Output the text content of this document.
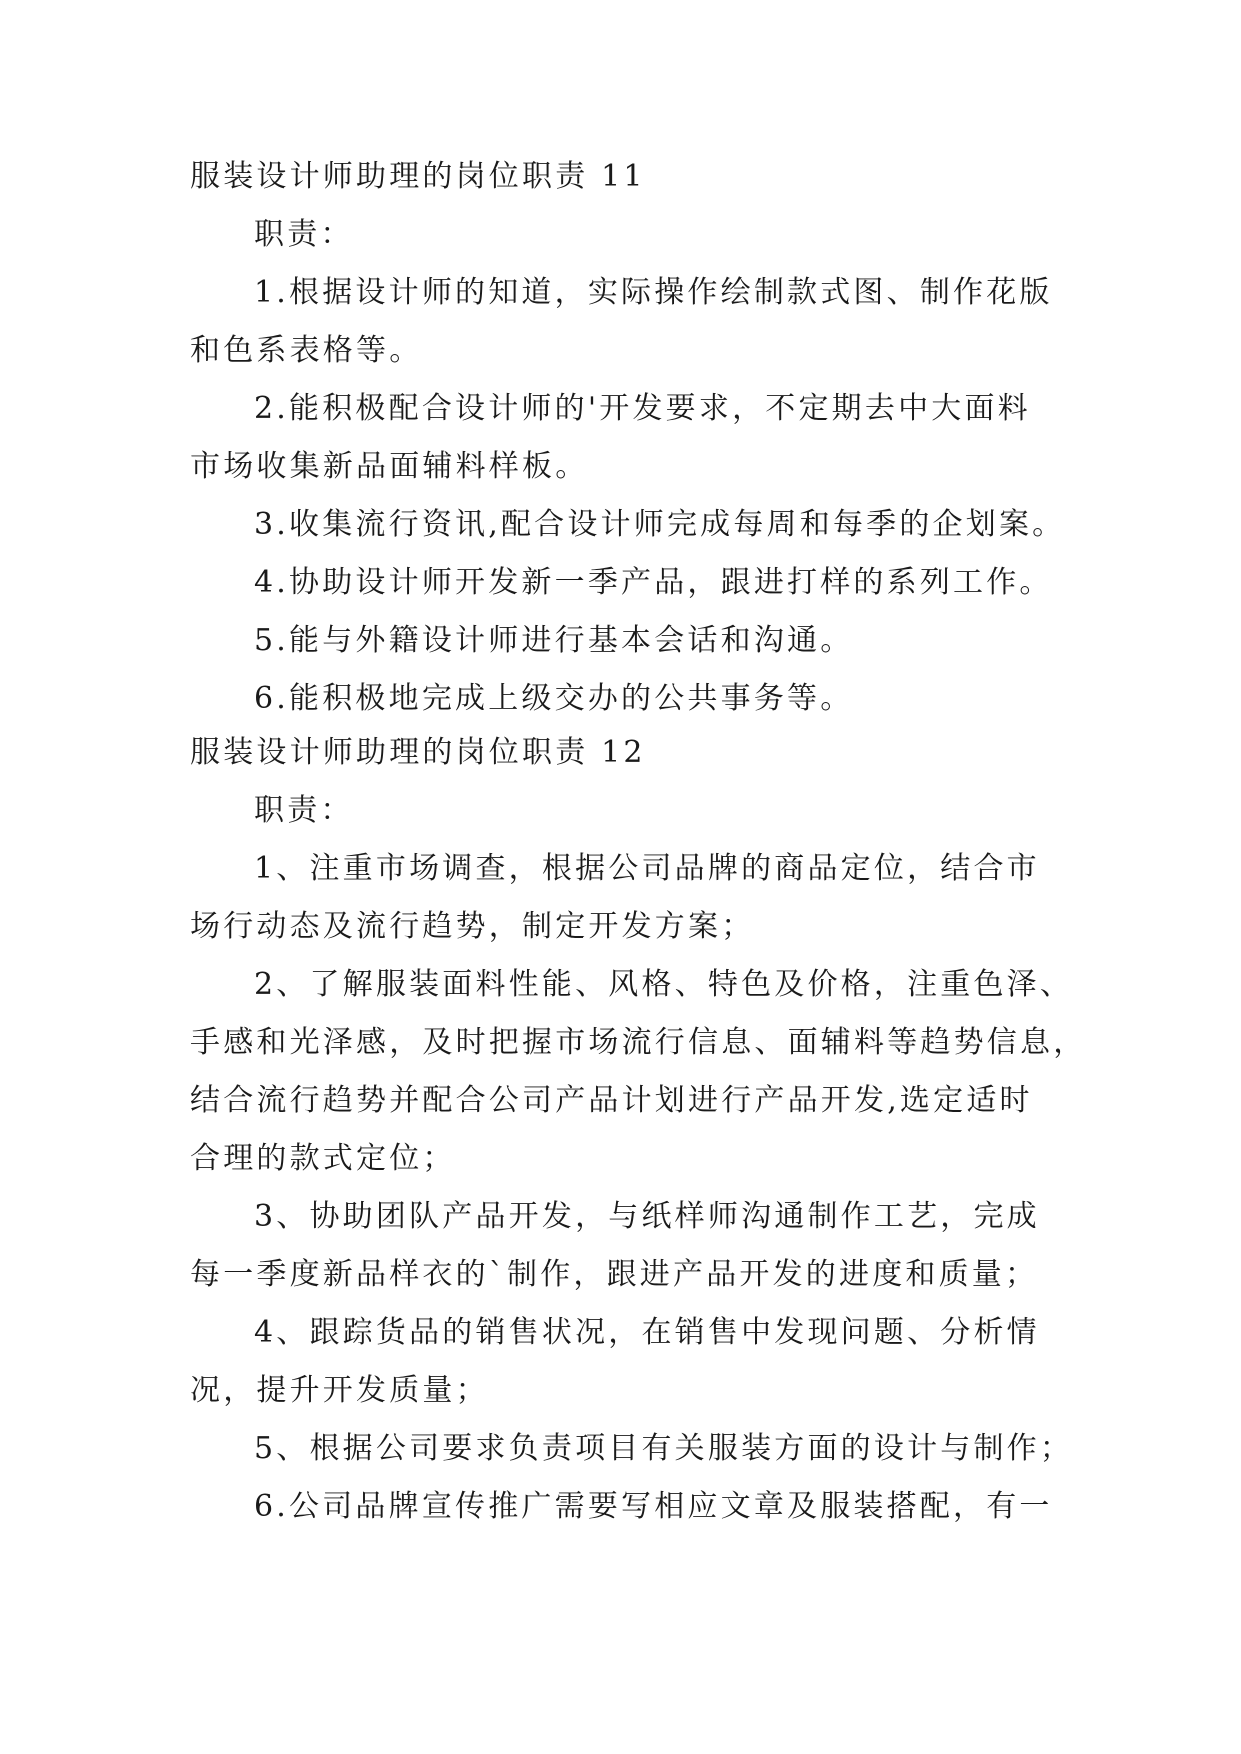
服装设计师助理的岗位职责 11
职责：
1.根据设计师的知道，实际操作绘制款式图、制作花版
和色系表格等。
2.能积极配合设计师的'开发要求，不定期去中大面料
市场收集新品面辅料样板。
3.收集流行资讯,配合设计师完成每周和每季的企划案。
4.协助设计师开发新一季产品，跟进打样的系列工作。
5.能与外籍设计师进行基本会话和沟通。
6.能积极地完成上级交办的公共事务等。
服装设计师助理的岗位职责 12
职责：
1、注重市场调查，根据公司品牌的商品定位，结合市
场行动态及流行趋势，制定开发方案；
2、了解服装面料性能、风格、特色及价格，注重色泽、
手感和光泽感，及时把握市场流行信息、面辅料等趋势信息，
结合流行趋势并配合公司产品计划进行产品开发,选定适时
合理的款式定位；
3、协助团队产品开发，与纸样师沟通制作工艺，完成
每一季度新品样衣的`制作，跟进产品开发的进度和质量；
4、跟踪货品的销售状况，在销售中发现问题、分析情
况，提升开发质量；
5、根据公司要求负责项目有关服装方面的设计与制作；
6.公司品牌宣传推广需要写相应文章及服装搭配，有一
